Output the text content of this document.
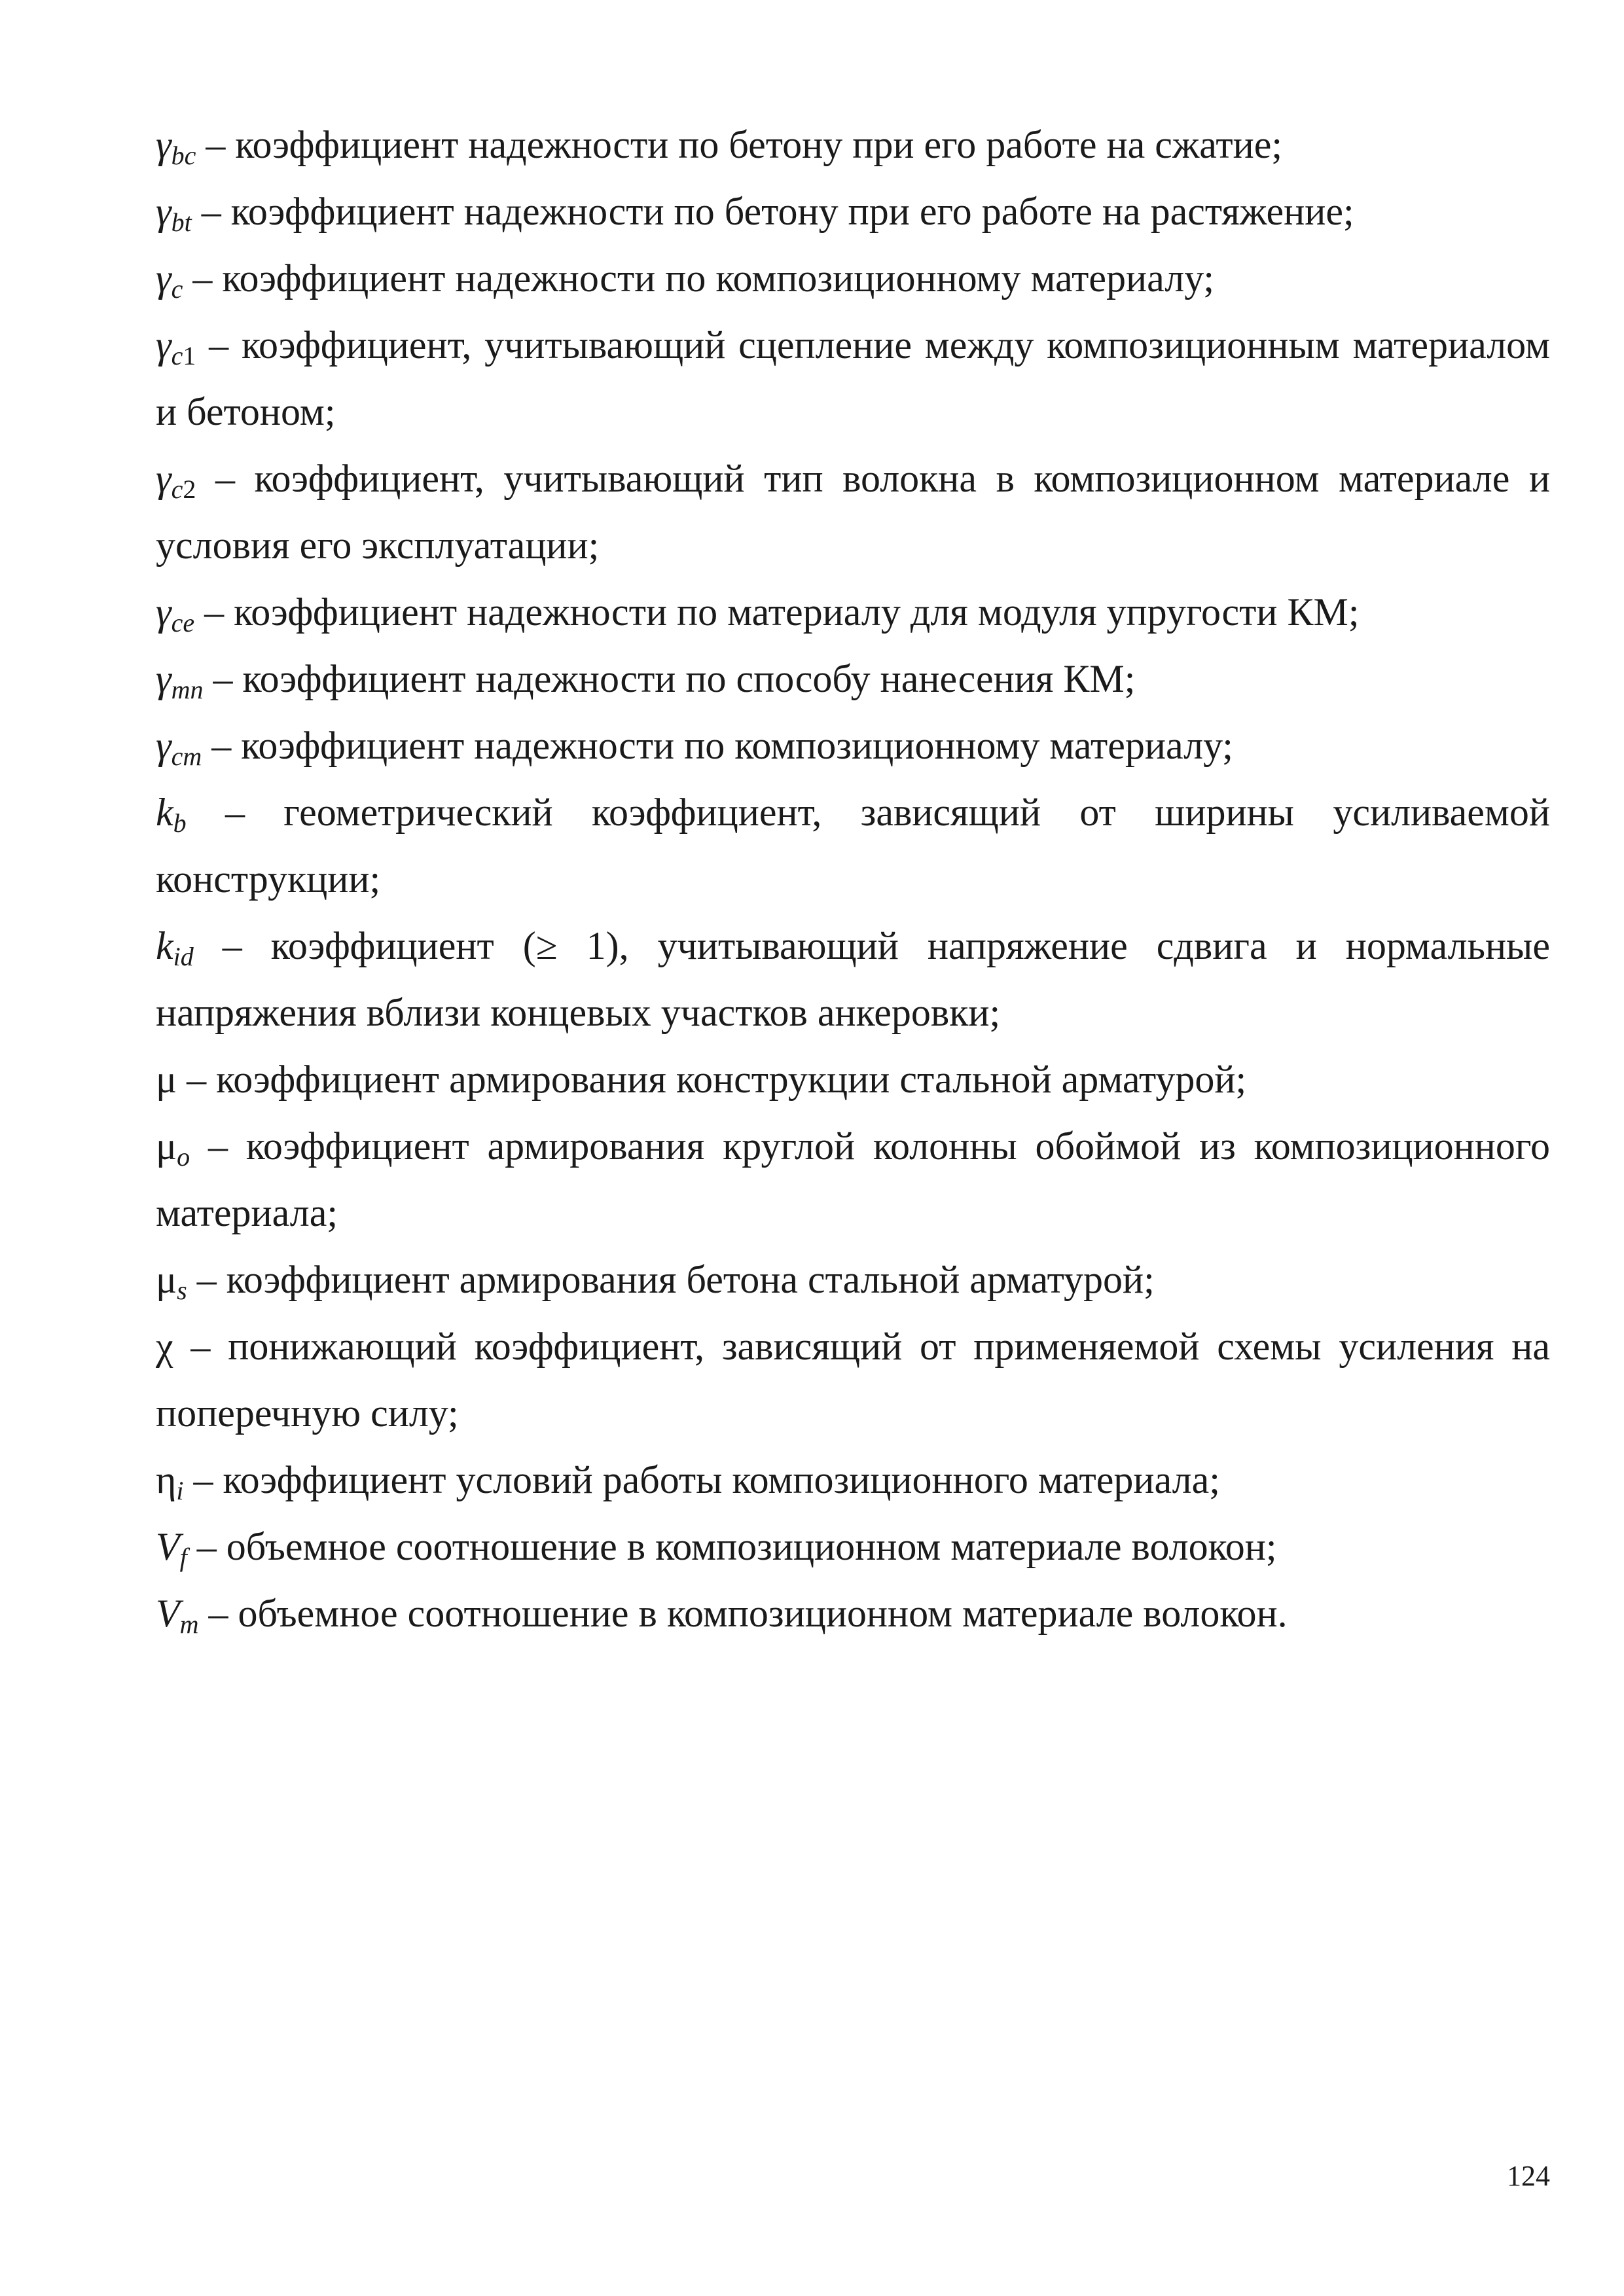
$\gamma_{bc}$ – коэффициент надежности по бетону при его работе на сжатие;

$\gamma_{bt}$ – коэффициент надежности по бетону при его работе на растяжение;

$\gamma_c$ – коэффициент надежности по композиционному материалу;

$\gamma_{c1}$ – коэффициент, учитывающий сцепление между композиционным материалом и бетоном;

$\gamma_{c2}$ – коэффициент, учитывающий тип волокна в композиционном материале и условия его эксплуатации;

$\gamma_{ce}$ – коэффициент надежности по материалу для модуля упругости КМ;

$\gamma_{mn}$ – коэффициент надежности по способу нанесения КМ;

$\gamma_{cm}$ – коэффициент надежности по композиционному материалу;

$k_b$ – геометрический коэффициент, зависящий от ширины усиливаемой конструкции;

$k_{id}$ – коэффициент (≥ 1), учитывающий напряжение сдвига и нормальные напряжения вблизи концевых участков анкеровки;

μ – коэффициент армирования конструкции стальной арматурой;

$\mu_o$ – коэффициент армирования круглой колонны обоймой из композиционного материала;

$\mu_s$ – коэффициент армирования бетона стальной арматурой;

χ – понижающий коэффициент, зависящий от применяемой схемы усиления на поперечную силу;

$\eta_i$ – коэффициент условий работы композиционного материала;

$V_f$ – объемное соотношение в композиционном материале волокон;

$V_m$ – объемное соотношение в композиционном материале волокон.

124
